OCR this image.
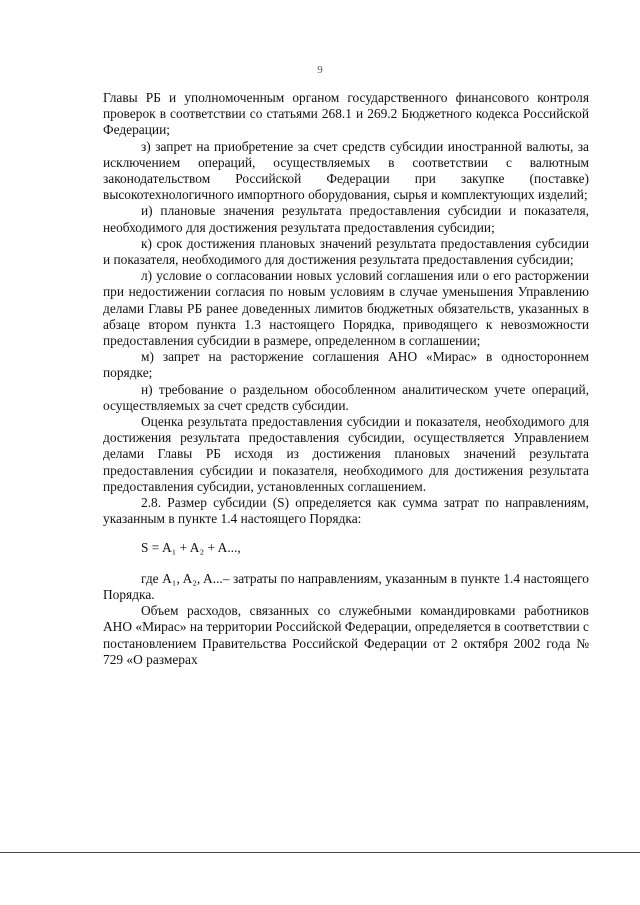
9

Главы РБ и уполномоченным органом государственного финансового контроля проверок в соответствии со статьями 268.1 и 269.2 Бюджетного кодекса Российской Федерации;

з) запрет на приобретение за счет средств субсидии иностранной валюты, за исключением операций, осуществляемых в соответствии с валютным законодательством Российской Федерации при закупке (поставке) высокотехнологичного импортного оборудования, сырья и комплектующих изделий;

и) плановые значения результата предоставления субсидии и показателя, необходимого для достижения результата предоставления субсидии;

к) срок достижения плановых значений результата предоставления субсидии и показателя, необходимого для достижения результата предоставления субсидии;

л) условие о согласовании новых условий соглашения или о его расторжении при недостижении согласия по новым условиям в случае уменьшения Управлению делами Главы РБ ранее доведенных лимитов бюджетных обязательств, указанных в абзаце втором пункта 1.3 настоящего Порядка, приводящего к невозможности предоставления субсидии в размере, определенном в соглашении;

м) запрет на расторжение соглашения АНО «Мирас» в одностороннем порядке;

н) требование о раздельном обособленном аналитическом учете операций, осуществляемых за счет средств субсидии.

Оценка результата предоставления субсидии и показателя, необходимого для достижения результата предоставления субсидии, осуществляется Управлением делами Главы РБ исходя из достижения плановых значений результата предоставления субсидии и показателя, необходимого для достижения результата предоставления субсидии, установленных соглашением.

2.8. Размер субсидии (S) определяется как сумма затрат по направлениям, указанным в пункте 1.4 настоящего Порядка:

S = A₁ + A₂ + A...,

где A₁, A₂, A...– затраты по направлениям, указанным в пункте 1.4 настоящего Порядка.

Объем расходов, связанных со служебными командировками работников АНО «Мирас» на территории Российской Федерации, определяется в соответствии с постановлением Правительства Российской Федерации от 2 октября 2002 года № 729 «О размерах
